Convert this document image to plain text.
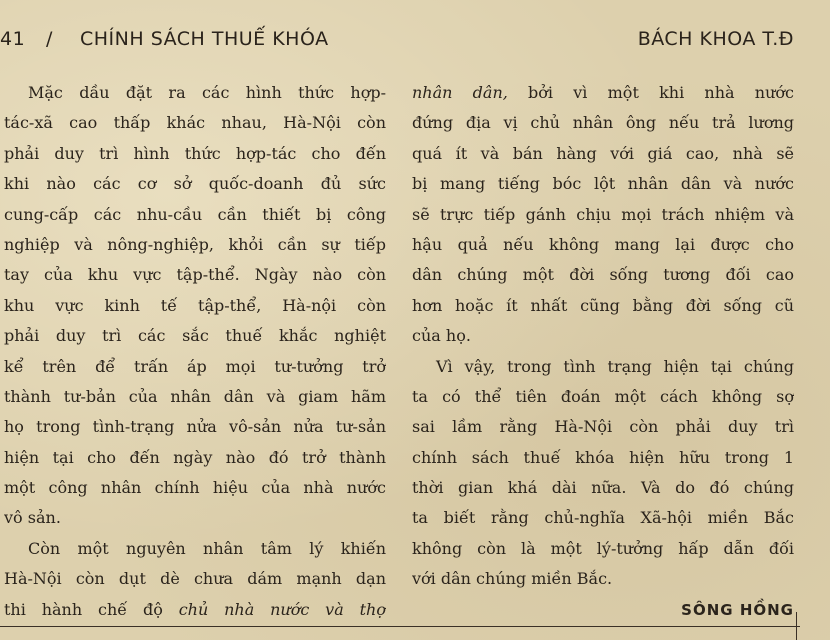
41 / CHÍNH SÁCH THUẾ KHÓA	BÁCH KHOA T.Đ
Mặc dầu đặt ra các hình thức hợp-
tác-xã cao thấp khác nhau, Hà-Nội còn
phải duy trì hình thức hợp-tác cho đến
khi nào các cơ sở quốc-doanh đủ sức
cung-cấp các nhu-cầu cần thiết bị công
nghiệp và nông-nghiệp, khỏi cần sự tiếp
tay của khu vực tập-thể. Ngày nào còn
khu vực kinh tế tập-thể, Hà-nội còn
phải duy trì các sắc thuế khắc nghiệt
kể trên để trấn áp mọi tư-tưởng trở
thành tư-bản của nhân dân và giam hãm
họ trong tình-trạng nửa vô-sản nửa tư-sản
hiện tại cho đến ngày nào đó trở thành
một công nhân chính hiệu của nhà nước
vô sản.
Còn một nguyên nhân tâm lý khiến
Hà-Nội còn dụt dè chưa dám mạnh dạn
thi hành chế độ chủ nhà nước và thợ
nhân dân, bởi vì một khi nhà nước
đứng địa vị chủ nhân ông nếu trả lương
quá ít và bán hàng với giá cao, nhà sẽ
bị mang tiếng bóc lột nhân dân và nước
sẽ trực tiếp gánh chịu mọi trách nhiệm và
hậu quả nếu không mang lại được cho
dân chúng một đời sống tương đối cao
hơn hoặc ít nhất cũng bằng đời sống cũ
của họ.
Vì vậy, trong tình trạng hiện tại chúng
ta có thể tiên đoán một cách không sợ
sai lầm rằng Hà-Nội còn phải duy trì
chính sách thuế khóa hiện hữu trong 1
thời gian khá dài nữa. Và do đó chúng
ta biết rằng chủ-nghĩa Xã-hội miền Bắc
không còn là một lý-tưởng hấp dẫn đối
với dân chúng miền Bắc.
SÔNG HỒNG
